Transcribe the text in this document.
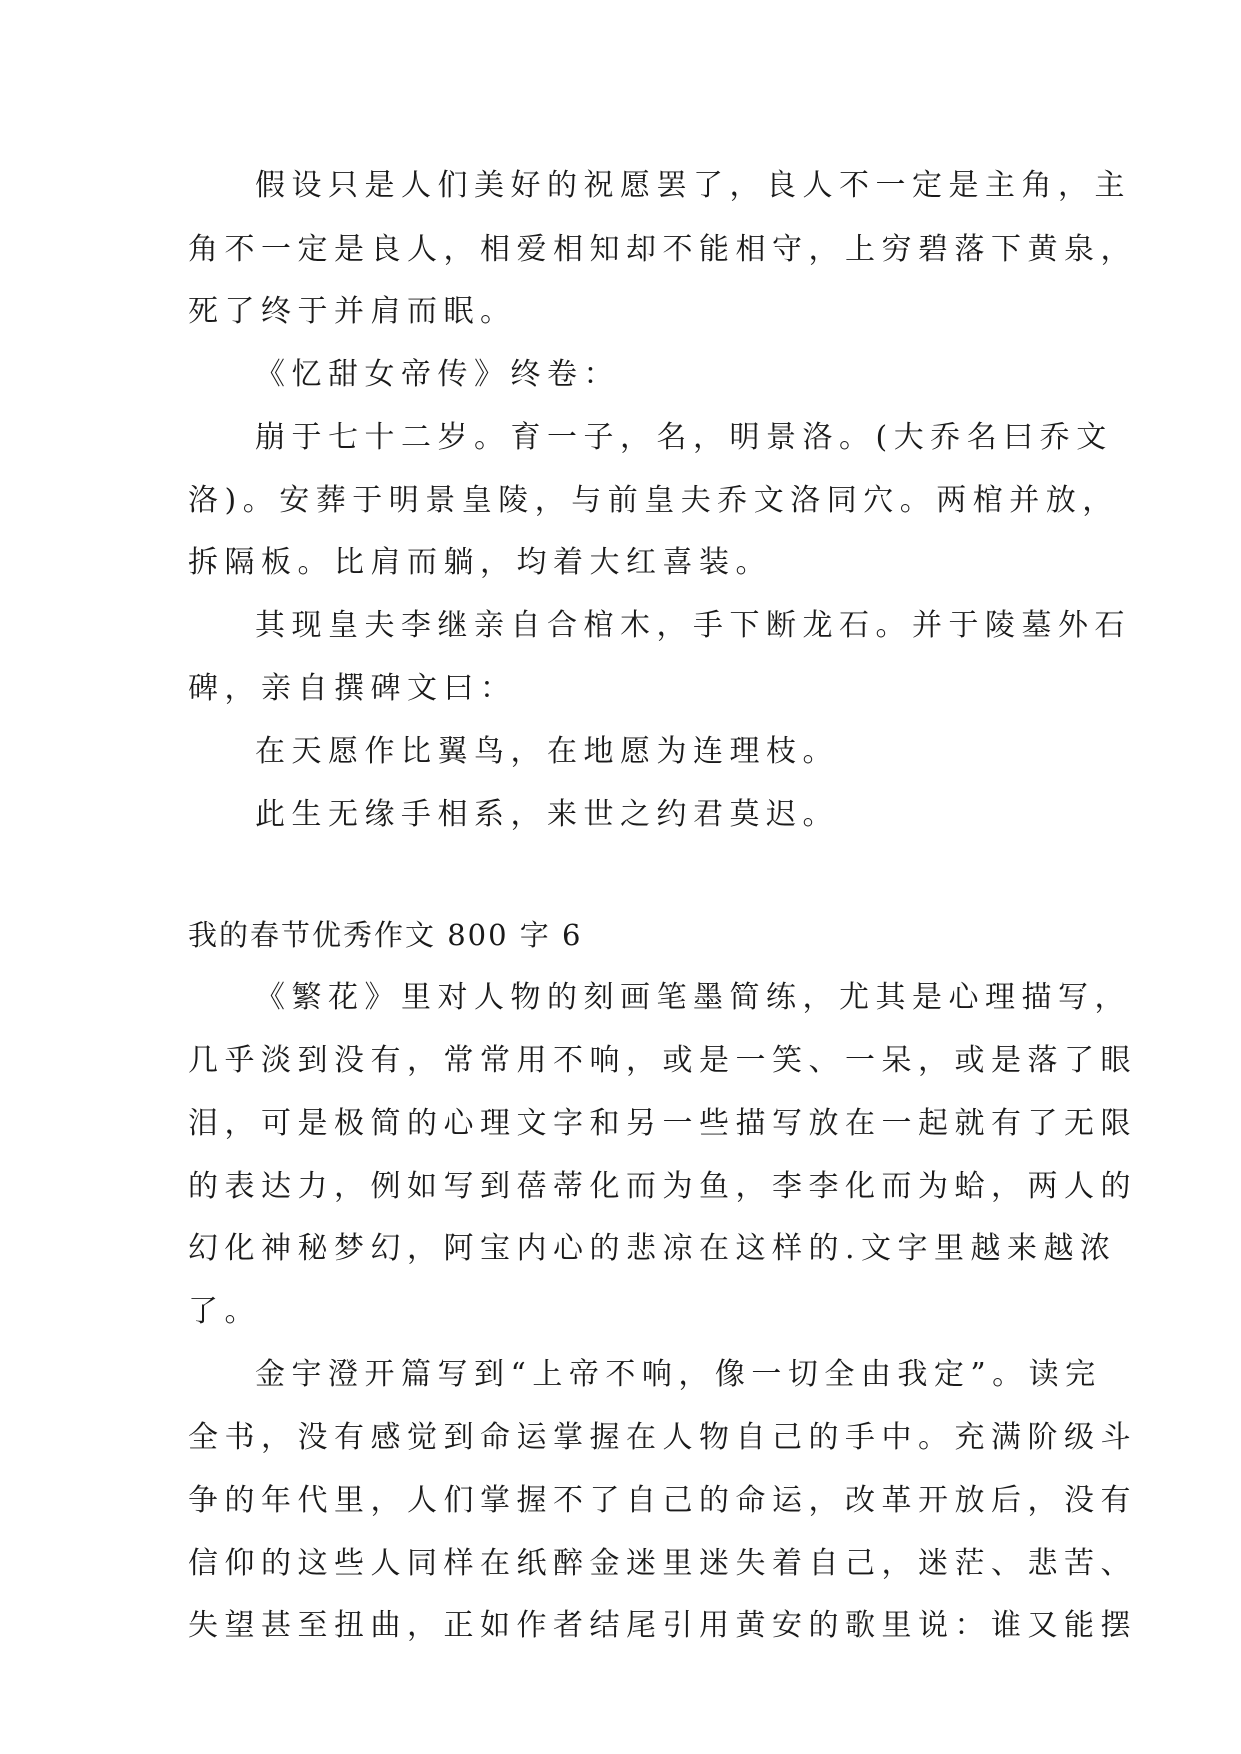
假设只是人们美好的祝愿罢了，良人不一定是主角，主
角不一定是良人，相爱相知却不能相守，上穷碧落下黄泉，
死了终于并肩而眠。
《忆甜女帝传》终卷：
崩于七十二岁。育一子，名，明景洛。(大乔名曰乔文
洛)。安葬于明景皇陵，与前皇夫乔文洛同穴。两棺并放，
拆隔板。比肩而躺，均着大红喜装。
其现皇夫李继亲自合棺木，手下断龙石。并于陵墓外石
碑，亲自撰碑文曰：
在天愿作比翼鸟，在地愿为连理枝。
此生无缘手相系，来世之约君莫迟。
我的春节优秀作文 800 字 6
《繁花》里对人物的刻画笔墨简练，尤其是心理描写，
几乎淡到没有，常常用不响，或是一笑、一呆，或是落了眼
泪，可是极简的心理文字和另一些描写放在一起就有了无限
的表达力，例如写到蓓蒂化而为鱼，李李化而为蛤，两人的
幻化神秘梦幻，阿宝内心的悲凉在这样的.文字里越来越浓
了。
金宇澄开篇写到“上帝不响，像一切全由我定”。读完
全书，没有感觉到命运掌握在人物自己的手中。充满阶级斗
争的年代里，人们掌握不了自己的命运，改革开放后，没有
信仰的这些人同样在纸醉金迷里迷失着自己，迷茫、悲苦、
失望甚至扭曲，正如作者结尾引用黄安的歌里说：谁又能摆
